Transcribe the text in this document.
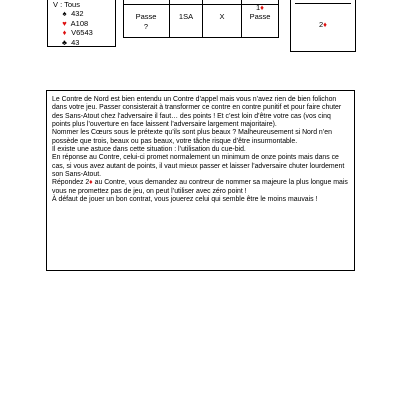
V : Tous
♠ 432
♥ A108
♦ V6543
♣ 43
Passe	1SA	X
1♦
?
Passe
2♦

Le Contre de Nord est bien entendu un Contre d’appel mais vous n’avez rien de bien folichon dans votre jeu. Passer consisterait à transformer ce contre en contre punitif et pour faire chuter des Sans-Atout chez l’adversaire il faut… des points ! Et c’est loin d’être votre cas (vos cinq points plus l’ouverture en face laissent l’adversaire largement majoritaire).

Nommer les Cœurs sous le prétexte qu’ils sont plus beaux ? Malheureusement si Nord n’en possède que trois, beaux ou pas beaux, votre tâche risque d’être insurmontable.

Il existe une astuce dans cette situation : l’utilisation du cue-bid.

En réponse au Contre, celui-ci promet normalement un minimum de onze points mais dans ce cas, si vous avez autant de points, il vaut mieux passer et laisser l’adversaire chuter lourdement son Sans-Atout.

Répondez 2♦ au Contre, vous demandez au contreur de nommer sa majeure la plus longue mais vous ne promettez pas de jeu, on peut l’utiliser avec zéro point !

À défaut de jouer un bon contrat, vous jouerez celui qui semble être le moins mauvais !
